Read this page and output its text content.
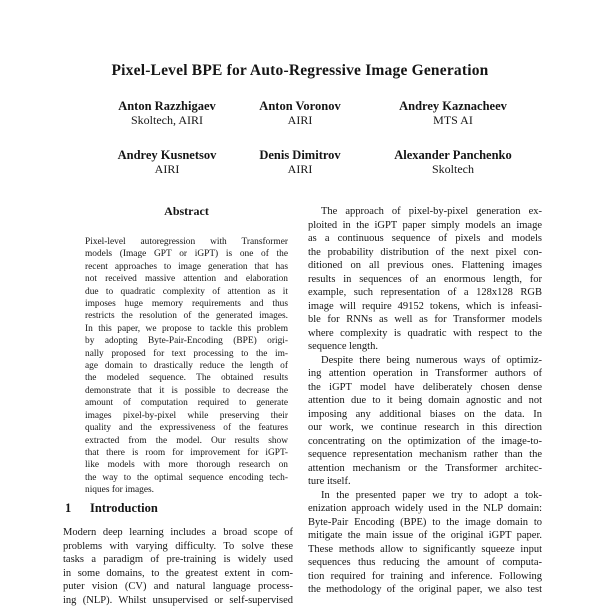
Pixel-Level BPE for Auto-Regressive Image Generation
Anton Razzhigaev
Skoltech, AIRI
Anton Voronov
AIRI
Andrey Kaznacheev
MTS AI
Andrey Kusnetsov
AIRI
Denis Dimitrov
AIRI
Alexander Panchenko
Skoltech
Abstract
Pixel-level autoregression with Transformer
models (Image GPT or iGPT) is one of the
recent approaches to image generation that has
not received massive attention and elaboration
due to quadratic complexity of attention as it
imposes huge memory requirements and thus
restricts the resolution of the generated images.
In this paper, we propose to tackle this problem
by adopting Byte-Pair-Encoding (BPE) origi-
nally proposed for text processing to the im-
age domain to drastically reduce the length of
the modeled sequence. The obtained results
demonstrate that it is possible to decrease the
amount of computation required to generate
images pixel-by-pixel while preserving their
quality and the expressiveness of the features
extracted from the model. Our results show
that there is room for improvement for iGPT-
like models with more thorough research on
the way to the optimal sequence encoding tech-
niques for images.
1 Introduction
Modern deep learning includes a broad scope of
problems with varying difficulty. To solve these
tasks a paradigm of pre-training is widely used
in some domains, to the greatest extent in com-
puter vision (CV) and natural language process-
ing (NLP). Whilst unsupervised or self-supervised
The approach of pixel-by-pixel generation ex-
ploited in the iGPT paper simply models an image
as a continuous sequence of pixels and models
the probability distribution of the next pixel con-
ditioned on all previous ones. Flattening images
results in sequences of an enormous length, for
example, such representation of a 128x128 RGB
image will require 49152 tokens, which is infeasi-
ble for RNNs as well as for Transformer models
where complexity is quadratic with respect to the
sequence length.
Despite there being numerous ways of optimiz-
ing attention operation in Transformer authors of
the iGPT model have deliberately chosen dense
attention due to it being domain agnostic and not
imposing any additional biases on the data. In
our work, we continue research in this direction
concentrating on the optimization of the image-to-
sequence representation mechanism rather than the
attention mechanism or the Transformer architec-
ture itself.
In the presented paper we try to adopt a tok-
enization approach widely used in the NLP domain:
Byte-Pair Encoding (BPE) to the image domain to
mitigate the main issue of the original iGPT paper.
These methods allow to significantly squeeze input
sequences thus reducing the amount of computa-
tion required for training and inference. Following
the methodology of the original paper, we also test
